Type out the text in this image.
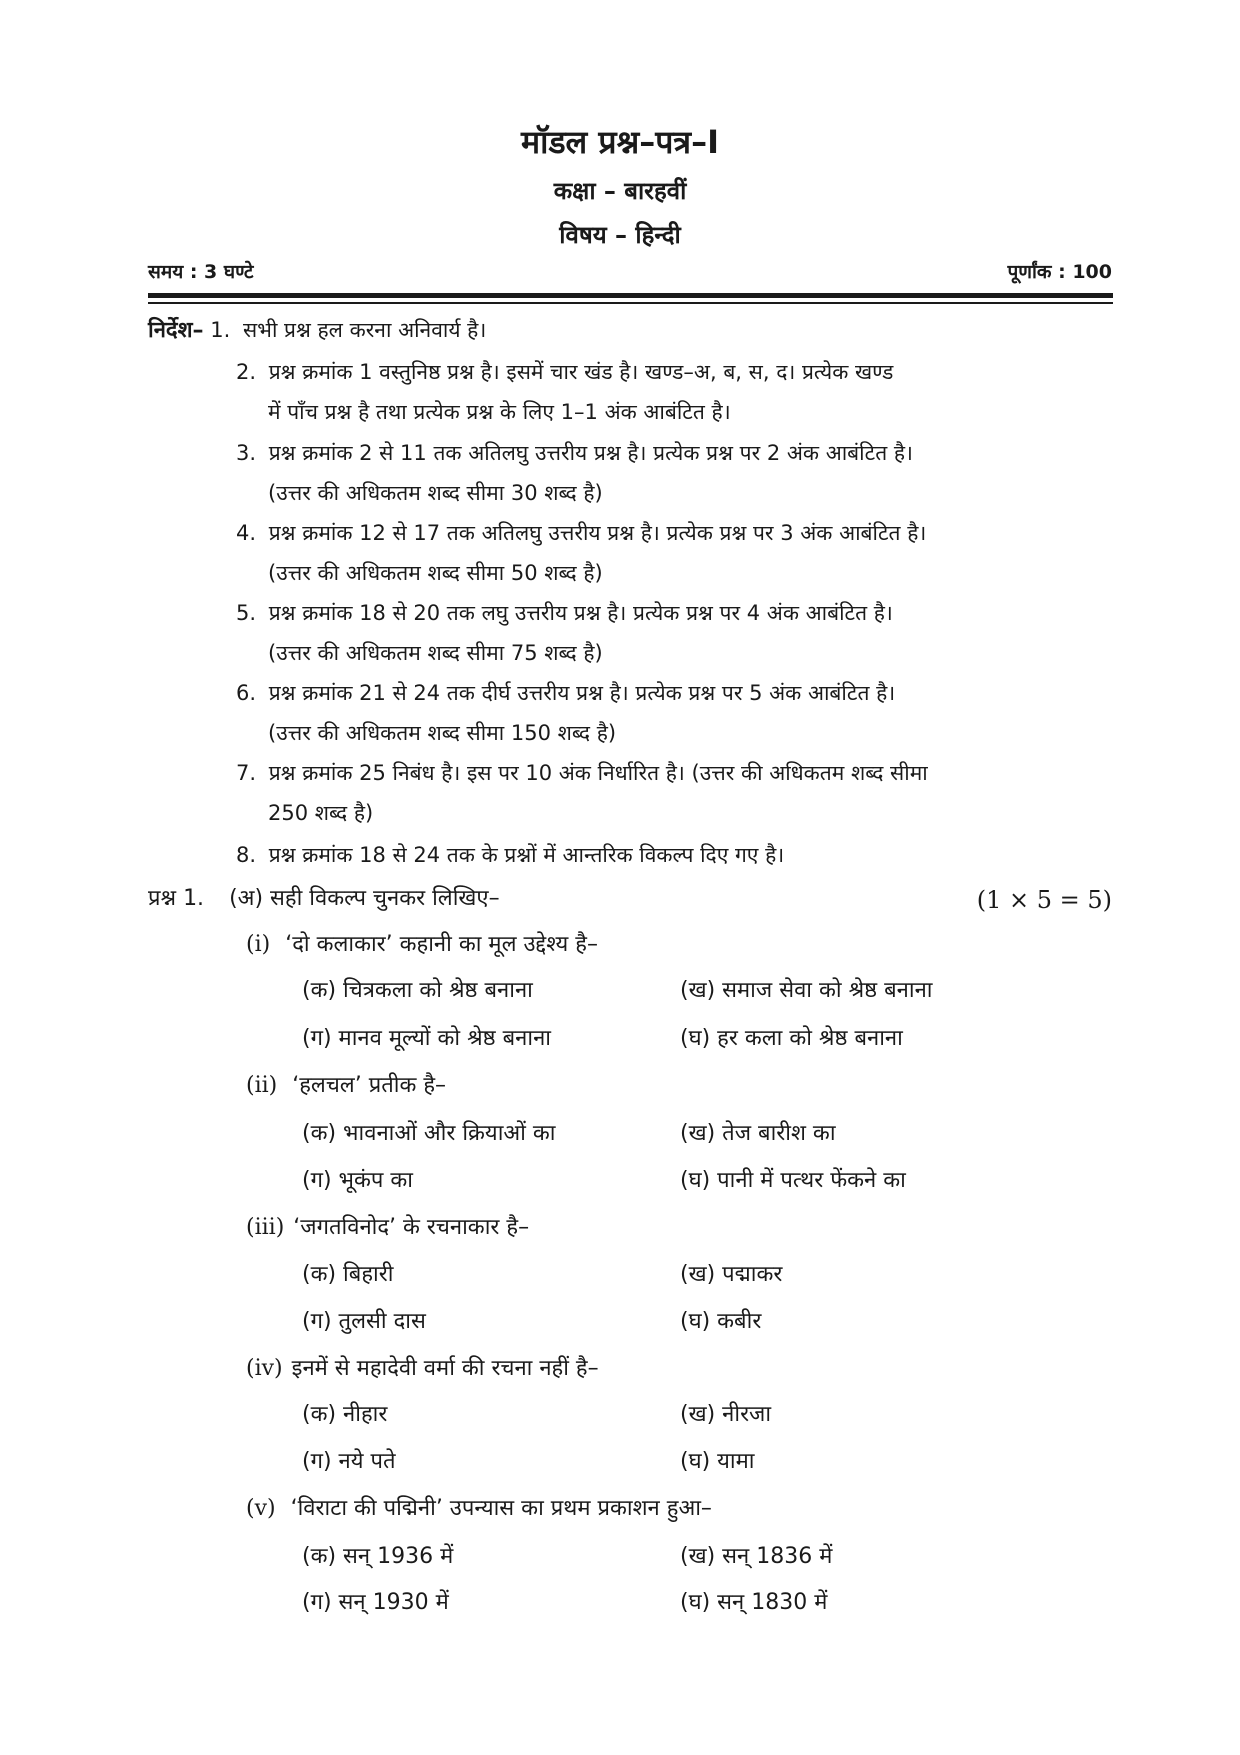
मॉडल प्रश्न–पत्र–I
कक्षा – बारहवीं
विषय – हिन्दी
समय : 3 घण्टे	पूर्णांक : 100
निर्देश– 1. सभी प्रश्न हल करना अनिवार्य है।
2. प्रश्न क्रमांक 1 वस्तुनिष्ठ प्रश्न है। इसमें चार खंड है। खण्ड–अ, ब, स, द। प्रत्येक खण्ड
में पाँच प्रश्न है तथा प्रत्येक प्रश्न के लिए 1–1 अंक आबंटित है।
3. प्रश्न क्रमांक 2 से 11 तक अतिलघु उत्तरीय प्रश्न है। प्रत्येक प्रश्न पर 2 अंक आबंटित है।
(उत्तर की अधिकतम शब्द सीमा 30 शब्द है)
4. प्रश्न क्रमांक 12 से 17 तक अतिलघु उत्तरीय प्रश्न है। प्रत्येक प्रश्न पर 3 अंक आबंटित है।
(उत्तर की अधिकतम शब्द सीमा 50 शब्द है)
5. प्रश्न क्रमांक 18 से 20 तक लघु उत्तरीय प्रश्न है। प्रत्येक प्रश्न पर 4 अंक आबंटित है।
(उत्तर की अधिकतम शब्द सीमा 75 शब्द है)
6. प्रश्न क्रमांक 21 से 24 तक दीर्घ उत्तरीय प्रश्न है। प्रत्येक प्रश्न पर 5 अंक आबंटित है।
(उत्तर की अधिकतम शब्द सीमा 150 शब्द है)
7. प्रश्न क्रमांक 25 निबंध है। इस पर 10 अंक निर्धारित है। (उत्तर की अधिकतम शब्द सीमा
250 शब्द है)
8. प्रश्न क्रमांक 18 से 24 तक के प्रश्नों में आन्तरिक विकल्प दिए गए है।
प्रश्न 1. (अ) सही विकल्प चुनकर लिखिए–	(1 × 5 = 5)
(i) ‘दो कलाकार’ कहानी का मूल उद्देश्य है–
(क) चित्रकला को श्रेष्ठ बनाना	(ख) समाज सेवा को श्रेष्ठ बनाना
(ग) मानव मूल्यों को श्रेष्ठ बनाना	(घ) हर कला को श्रेष्ठ बनाना
(ii) ‘हलचल’ प्रतीक है–
(क) भावनाओं और क्रियाओं का	(ख) तेज बारीश का
(ग) भूकंप का	(घ) पानी में पत्थर फेंकने का
(iii) ‘जगतविनोद’ के रचनाकार है–
(क) बिहारी	(ख) पद्माकर
(ग) तुलसी दास	(घ) कबीर
(iv) इनमें से महादेवी वर्मा की रचना नहीं है–
(क) नीहार	(ख) नीरजा
(ग) नये पते	(घ) यामा
(v) ‘विराटा की पद्मिनी’ उपन्यास का प्रथम प्रकाशन हुआ–
(क) सन् 1936 में	(ख) सन् 1836 में
(ग) सन् 1930 में	(घ) सन् 1830 में
